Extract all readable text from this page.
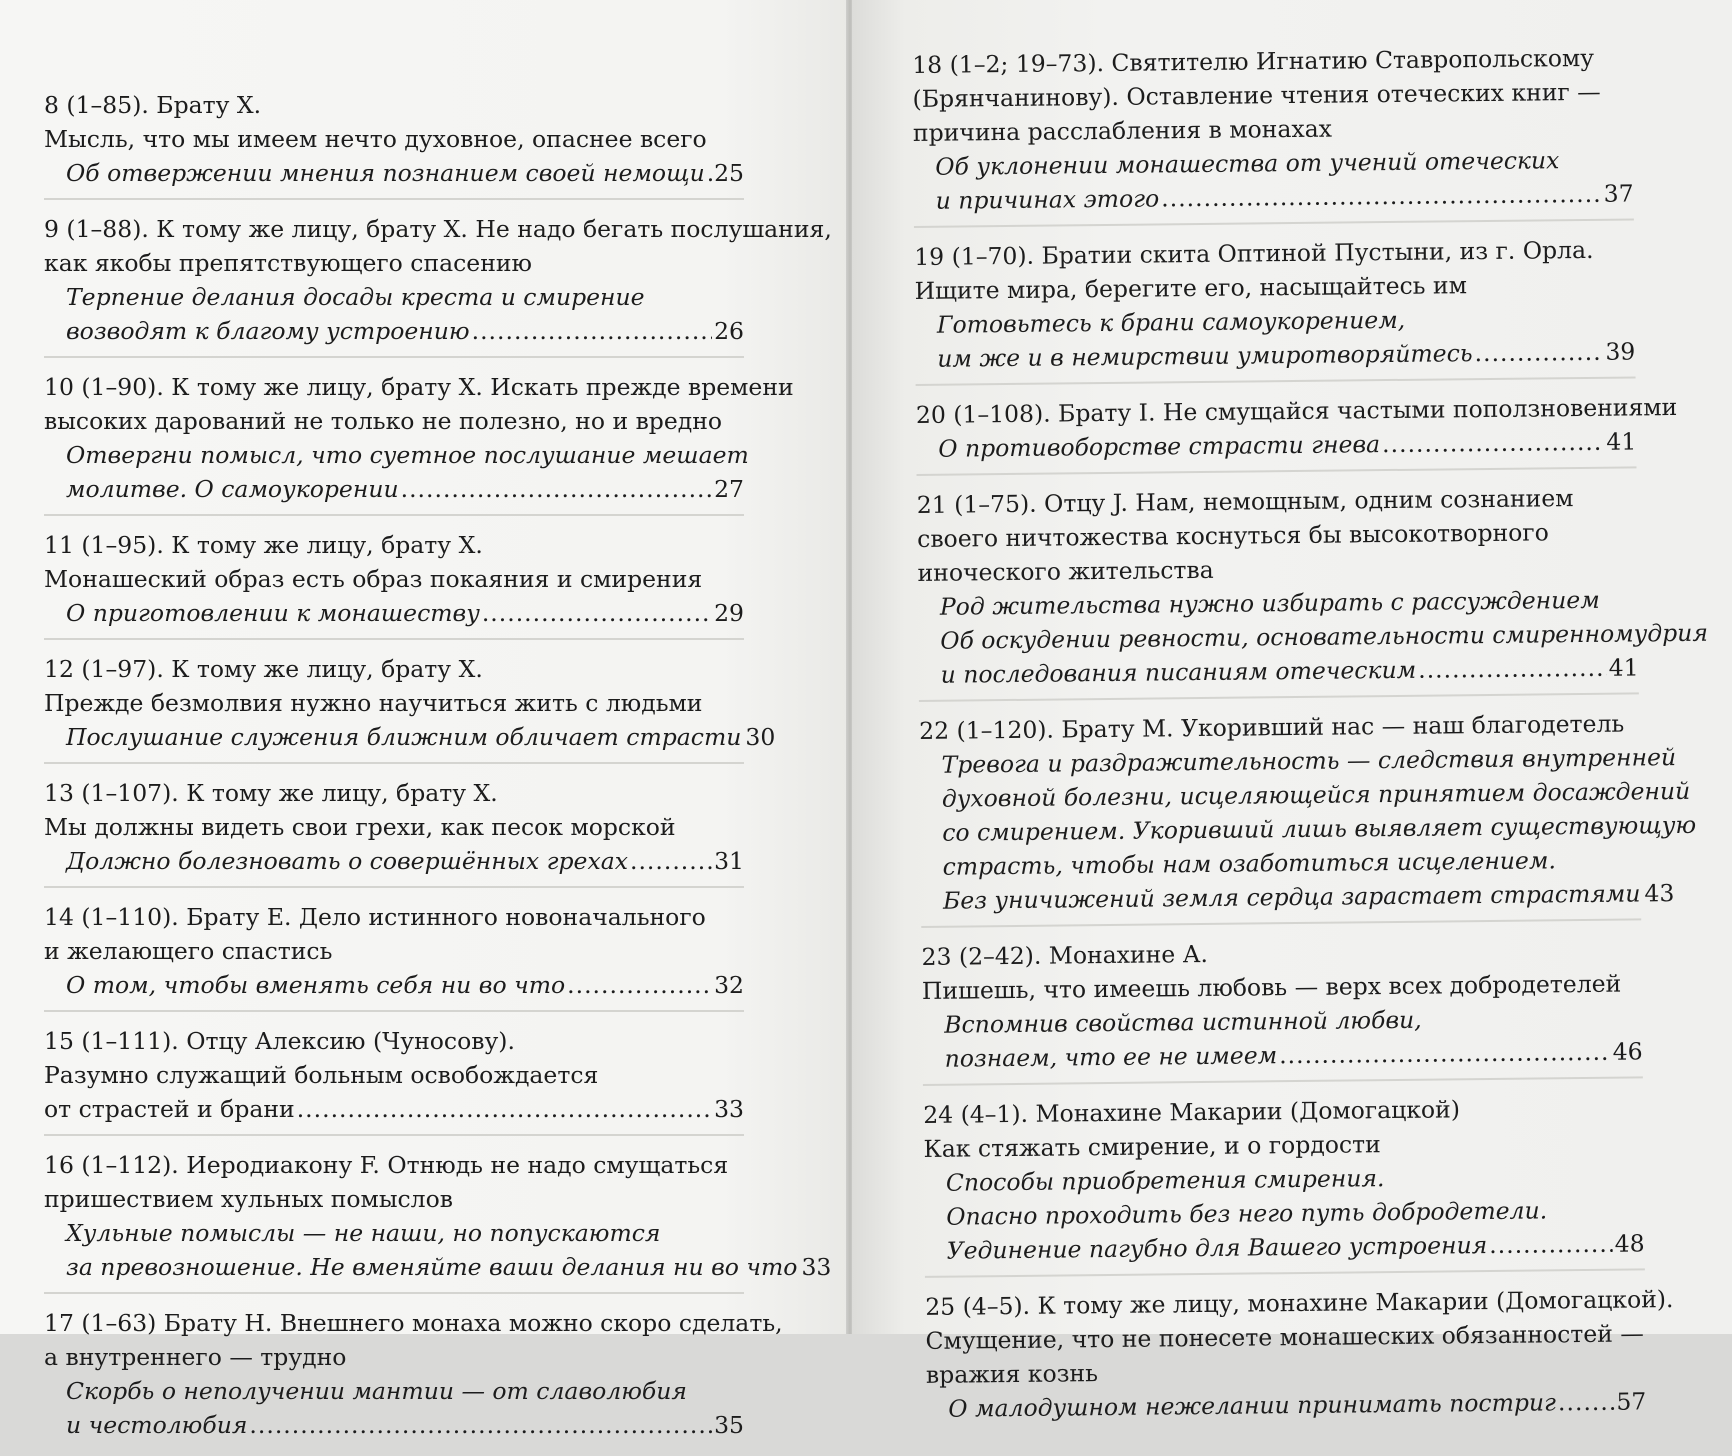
8 (1–85). Брату Х.
Мысль, что мы имеем нечто духовное, опаснее всего
Об отвержении мнения познанием своей немощи ..... 25
9 (1–88). К тому же лицу, брату Х. Не надо бегать послушания,
как якобы препятствующего спасению
Терпение делания досады креста и смирение
возводят к благому устроению .....	26
10 (1–90). К тому же лицу, брату Х. Искать прежде времени
высоких дарований не только не полезно, но и вредно
Отвергни помысл, что суетное послушание мешает
молитве. О самоукорении .....	27
11 (1–95). К тому же лицу, брату Х.
Монашеский образ есть образ покаяния и смирения
О приготовлении к монашеству .....	29
12 (1–97). К тому же лицу, брату Х.
Прежде безмолвия нужно научиться жить с людьми
Послушание служения ближним обличает страсти 30
13 (1–107). К тому же лицу, брату Х.
Мы должны видеть свои грехи, как песок морской
Должно болезновать о совершённых грехах .....	31
14 (1–110). Брату Е. Дело истинного новоначального
и желающего спастись
О том, чтобы вменять себя ни во что .....	32
15 (1–111). Отцу Алексию (Чуносову).
Разумно служащий больным освобождается
от страстей и брани .....	33
16 (1–112). Иеродиакону F. Отнюдь не надо смущаться
пришествием хульных помыслов
Хульные помыслы — не наши, но попускаются
за превозношение. Не вменяйте ваши делания ни во что 33
17 (1–63) Брату Н. Внешнего монаха можно скоро сделать,
а внутреннего — трудно
Скорбь о неполучении мантии — от славолюбия
и честолюбия .....	35
18 (1–2; 19–73). Святителю Игнатию Ставропольскому
(Брянчанинову). Оставление чтения отеческих книг —
причина расслабления в монахах
Об уклонении монашества от учений отеческих
и причинах этого .....	37
19 (1–70). Братии скита Оптиной Пустыни, из г. Орла.
Ищите мира, берегите его, насыщайтесь им
Готовьтесь к брани самоукорением,
им же и в немирствии умиротворяйтесь .....	39
20 (1–108). Брату I. Не смущайся частыми поползновениями
О противоборстве страсти гнева .....	41
21 (1–75). Отцу J. Нам, немощным, одним сознанием
своего ничтожества коснуться бы высокотворного
иноческого жительства
Род жительства нужно избирать с рассуждением
Об оскудении ревности, основательности смиренномудрия
и последования писаниям отеческим .....	41
22 (1–120). Брату М. Укоривший нас — наш благодетель
Тревога и раздражительность — следствия внутренней
духовной болезни, исцеляющейся принятием досаждений
со смирением. Укоривший лишь выявляет существующую
страсть, чтобы нам озаботиться исцелением.
Без уничижений земля сердца зарастает страстями ..... 43
23 (2–42). Монахине А.
Пишешь, что имеешь любовь — верх всех добродетелей
Вспомнив свойства истинной любви,
познаем, что ее не имеем .....	46
24 (4–1). Монахине Макарии (Домогацкой)
Как стяжать смирение, и о гордости
Способы приобретения смирения.
Опасно проходить без него путь добродетели.
Уединение пагубно для Вашего устроения .....	48
25 (4–5). К тому же лицу, монахине Макарии (Домогацкой).
Смущение, что не понесете монашеских обязанностей —
вражия кознь
О малодушном нежелании принимать постриг .....	57
